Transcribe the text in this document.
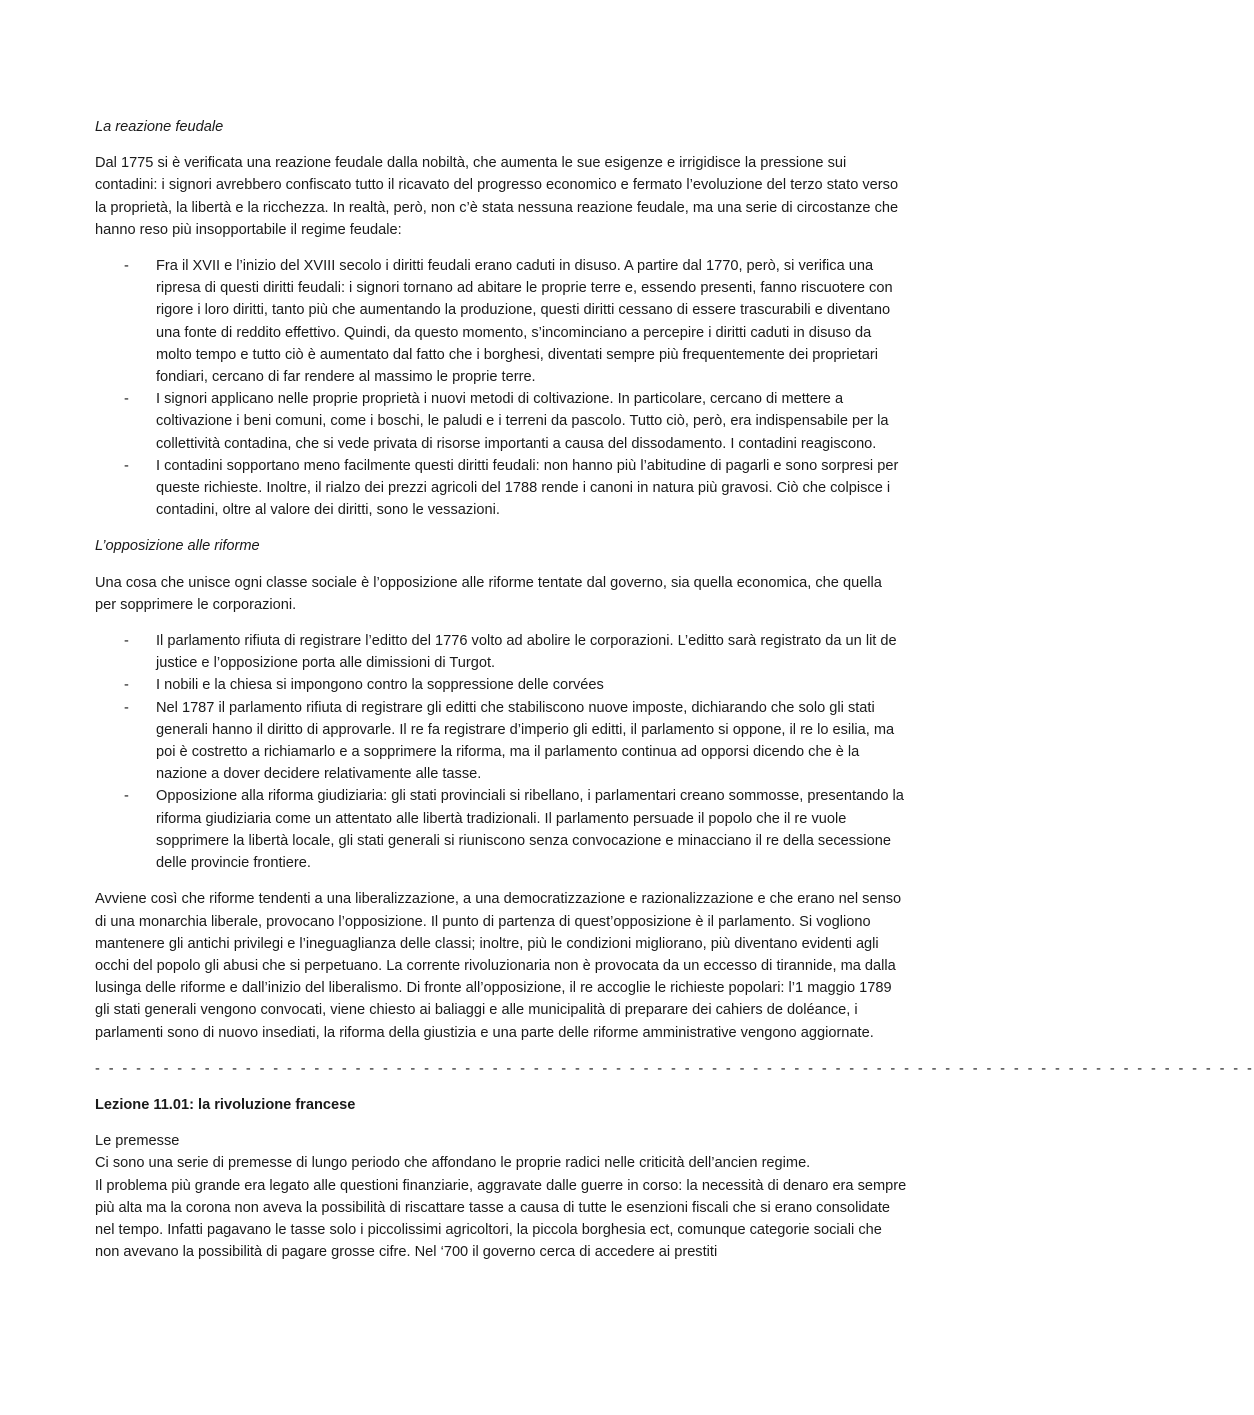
La reazione feudale

Dal 1775 si è verificata una reazione feudale dalla nobiltà, che aumenta le sue esigenze e irrigidisce la pressione sui contadini: i signori avrebbero confiscato tutto il ricavato del progresso economico e fermato l’evoluzione del terzo stato verso la proprietà, la libertà e la ricchezza. In realtà, però, non c’è stata nessuna reazione feudale, ma una serie di circostanze che hanno reso più insopportabile il regime feudale:

- Fra il XVII e l’inizio del XVIII secolo i diritti feudali erano caduti in disuso. A partire dal 1770, però, si verifica una ripresa di questi diritti feudali: i signori tornano ad abitare le proprie terre e, essendo presenti, fanno riscuotere con rigore i loro diritti, tanto più che aumentando la produzione, questi diritti cessano di essere trascurabili e diventano una fonte di reddito effettivo. Quindi, da questo momento, s’incominciano a percepire i diritti caduti in disuso da molto tempo e tutto ciò è aumentato dal fatto che i borghesi, diventati sempre più frequentemente dei proprietari fondiari, cercano di far rendere al massimo le proprie terre.
- I signori applicano nelle proprie proprietà i nuovi metodi di coltivazione. In particolare, cercano di mettere a coltivazione i beni comuni, come i boschi, le paludi e i terreni da pascolo. Tutto ciò, però, era indispensabile per la collettività contadina, che si vede privata di risorse importanti a causa del dissodamento. I contadini reagiscono.
- I contadini sopportano meno facilmente questi diritti feudali: non hanno più l’abitudine di pagarli e sono sorpresi per queste richieste. Inoltre, il rialzo dei prezzi agricoli del 1788 rende i canoni in natura più gravosi. Ciò che colpisce i contadini, oltre al valore dei diritti, sono le vessazioni.

L’opposizione alle riforme

Una cosa che unisce ogni classe sociale è l’opposizione alle riforme tentate dal governo, sia quella economica, che quella per sopprimere le corporazioni.

- Il parlamento rifiuta di registrare l’editto del 1776 volto ad abolire le corporazioni. L’editto sarà registrato da un lit de justice e l’opposizione porta alle dimissioni di Turgot.
- I nobili e la chiesa si impongono contro la soppressione delle corvées
- Nel 1787 il parlamento rifiuta di registrare gli editti che stabiliscono nuove imposte, dichiarando che solo gli stati generali hanno il diritto di approvarle. Il re fa registrare d’imperio gli editti, il parlamento si oppone, il re lo esilia, ma poi è costretto a richiamarlo e a sopprimere la riforma, ma il parlamento continua ad opporsi dicendo che è la nazione a dover decidere relativamente alle tasse.
- Opposizione alla riforma giudiziaria: gli stati provinciali si ribellano, i parlamentari creano sommosse, presentando la riforma giudiziaria come un attentato alle libertà tradizionali. Il parlamento persuade il popolo che il re vuole sopprimere la libertà locale, gli stati generali si riuniscono senza convocazione e minacciano il re della secessione delle provincie frontiere.

Avviene così che riforme tendenti a una liberalizzazione, a una democratizzazione e razionalizzazione e che erano nel senso di una monarchia liberale, provocano l’opposizione. Il punto di partenza di quest’opposizione è il parlamento. Si vogliono mantenere gli antichi privilegi e l’ineguaglianza delle classi; inoltre, più le condizioni migliorano, più diventano evidenti agli occhi del popolo gli abusi che si perpetuano. La corrente rivoluzionaria non è provocata da un eccesso di tirannide, ma dalla lusinga delle riforme e dall’inizio del liberalismo. Di fronte all’opposizione, il re accoglie le richieste popolari: l’1 maggio 1789 gli stati generali vengono convocati, viene chiesto ai baliaggi e alle municipalità di preparare dei cahiers de doléance, i parlamenti sono di nuovo insediati, la riforma della giustizia e una parte delle riforme amministrative vengono aggiornate.

- - - - - - - - - - - - - - - - - - - - - - - - - - - - - - - - - - - - - - - - - - - - - - - - - - - - - - - - - - - - - - - - - - - - - - - - - - - - - - - - - - - - -

Lezione 11.01: la rivoluzione francese

Le premesse

Ci sono una serie di premesse di lungo periodo che affondano le proprie radici nelle criticità dell’ancien regime.

Il problema più grande era legato alle questioni finanziarie, aggravate dalle guerre in corso: la necessità di denaro era sempre più alta ma la corona non aveva la possibilità di riscattare tasse a causa di tutte le esenzioni fiscali che si erano consolidate nel tempo. Infatti pagavano le tasse solo i piccolissimi agricoltori, la piccola borghesia ect, comunque categorie sociali che non avevano la possibilità di pagare grosse cifre. Nel ‘700 il governo cerca di accedere ai prestiti
